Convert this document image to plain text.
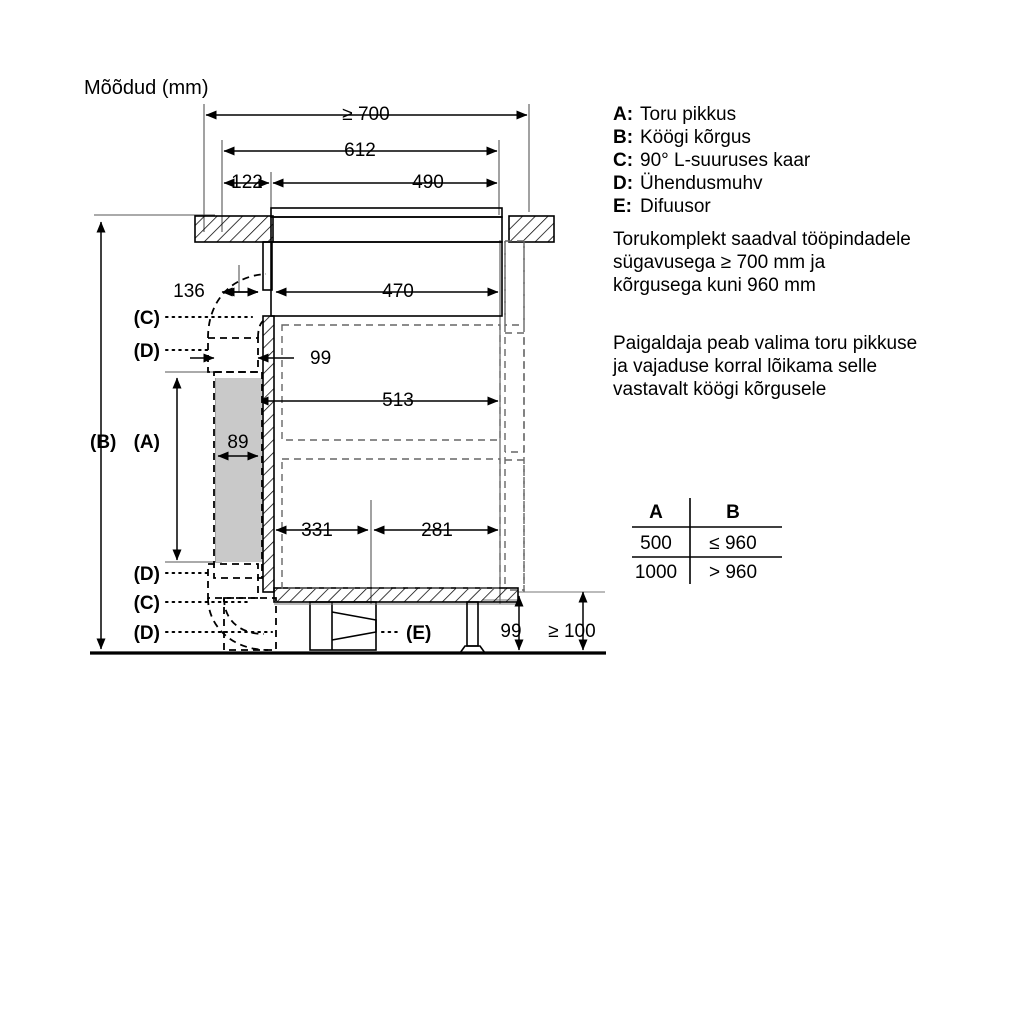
Mõõdud (mm)
≥ 700
612
122	490
136	470
99
513
89
331	281
99 ≥ 100
(B) (A)
(C)
(D)
(D)
(C)
(D)	(E)
A: Toru pikkus
B: Köögi kõrgus
C: 90° L-suuruses kaar
D: Ühendusmuhv
E: Difuusor
Torukomplekt saadval tööpindadele
sügavusega ≥ 700 mm ja
kõrgusega kuni 960 mm
Paigaldaja peab valima toru pikkuse
ja vajaduse korral lõikama selle
vastavalt köögi kõrgusele
A	B
500 ≤ 960
1000 > 960
